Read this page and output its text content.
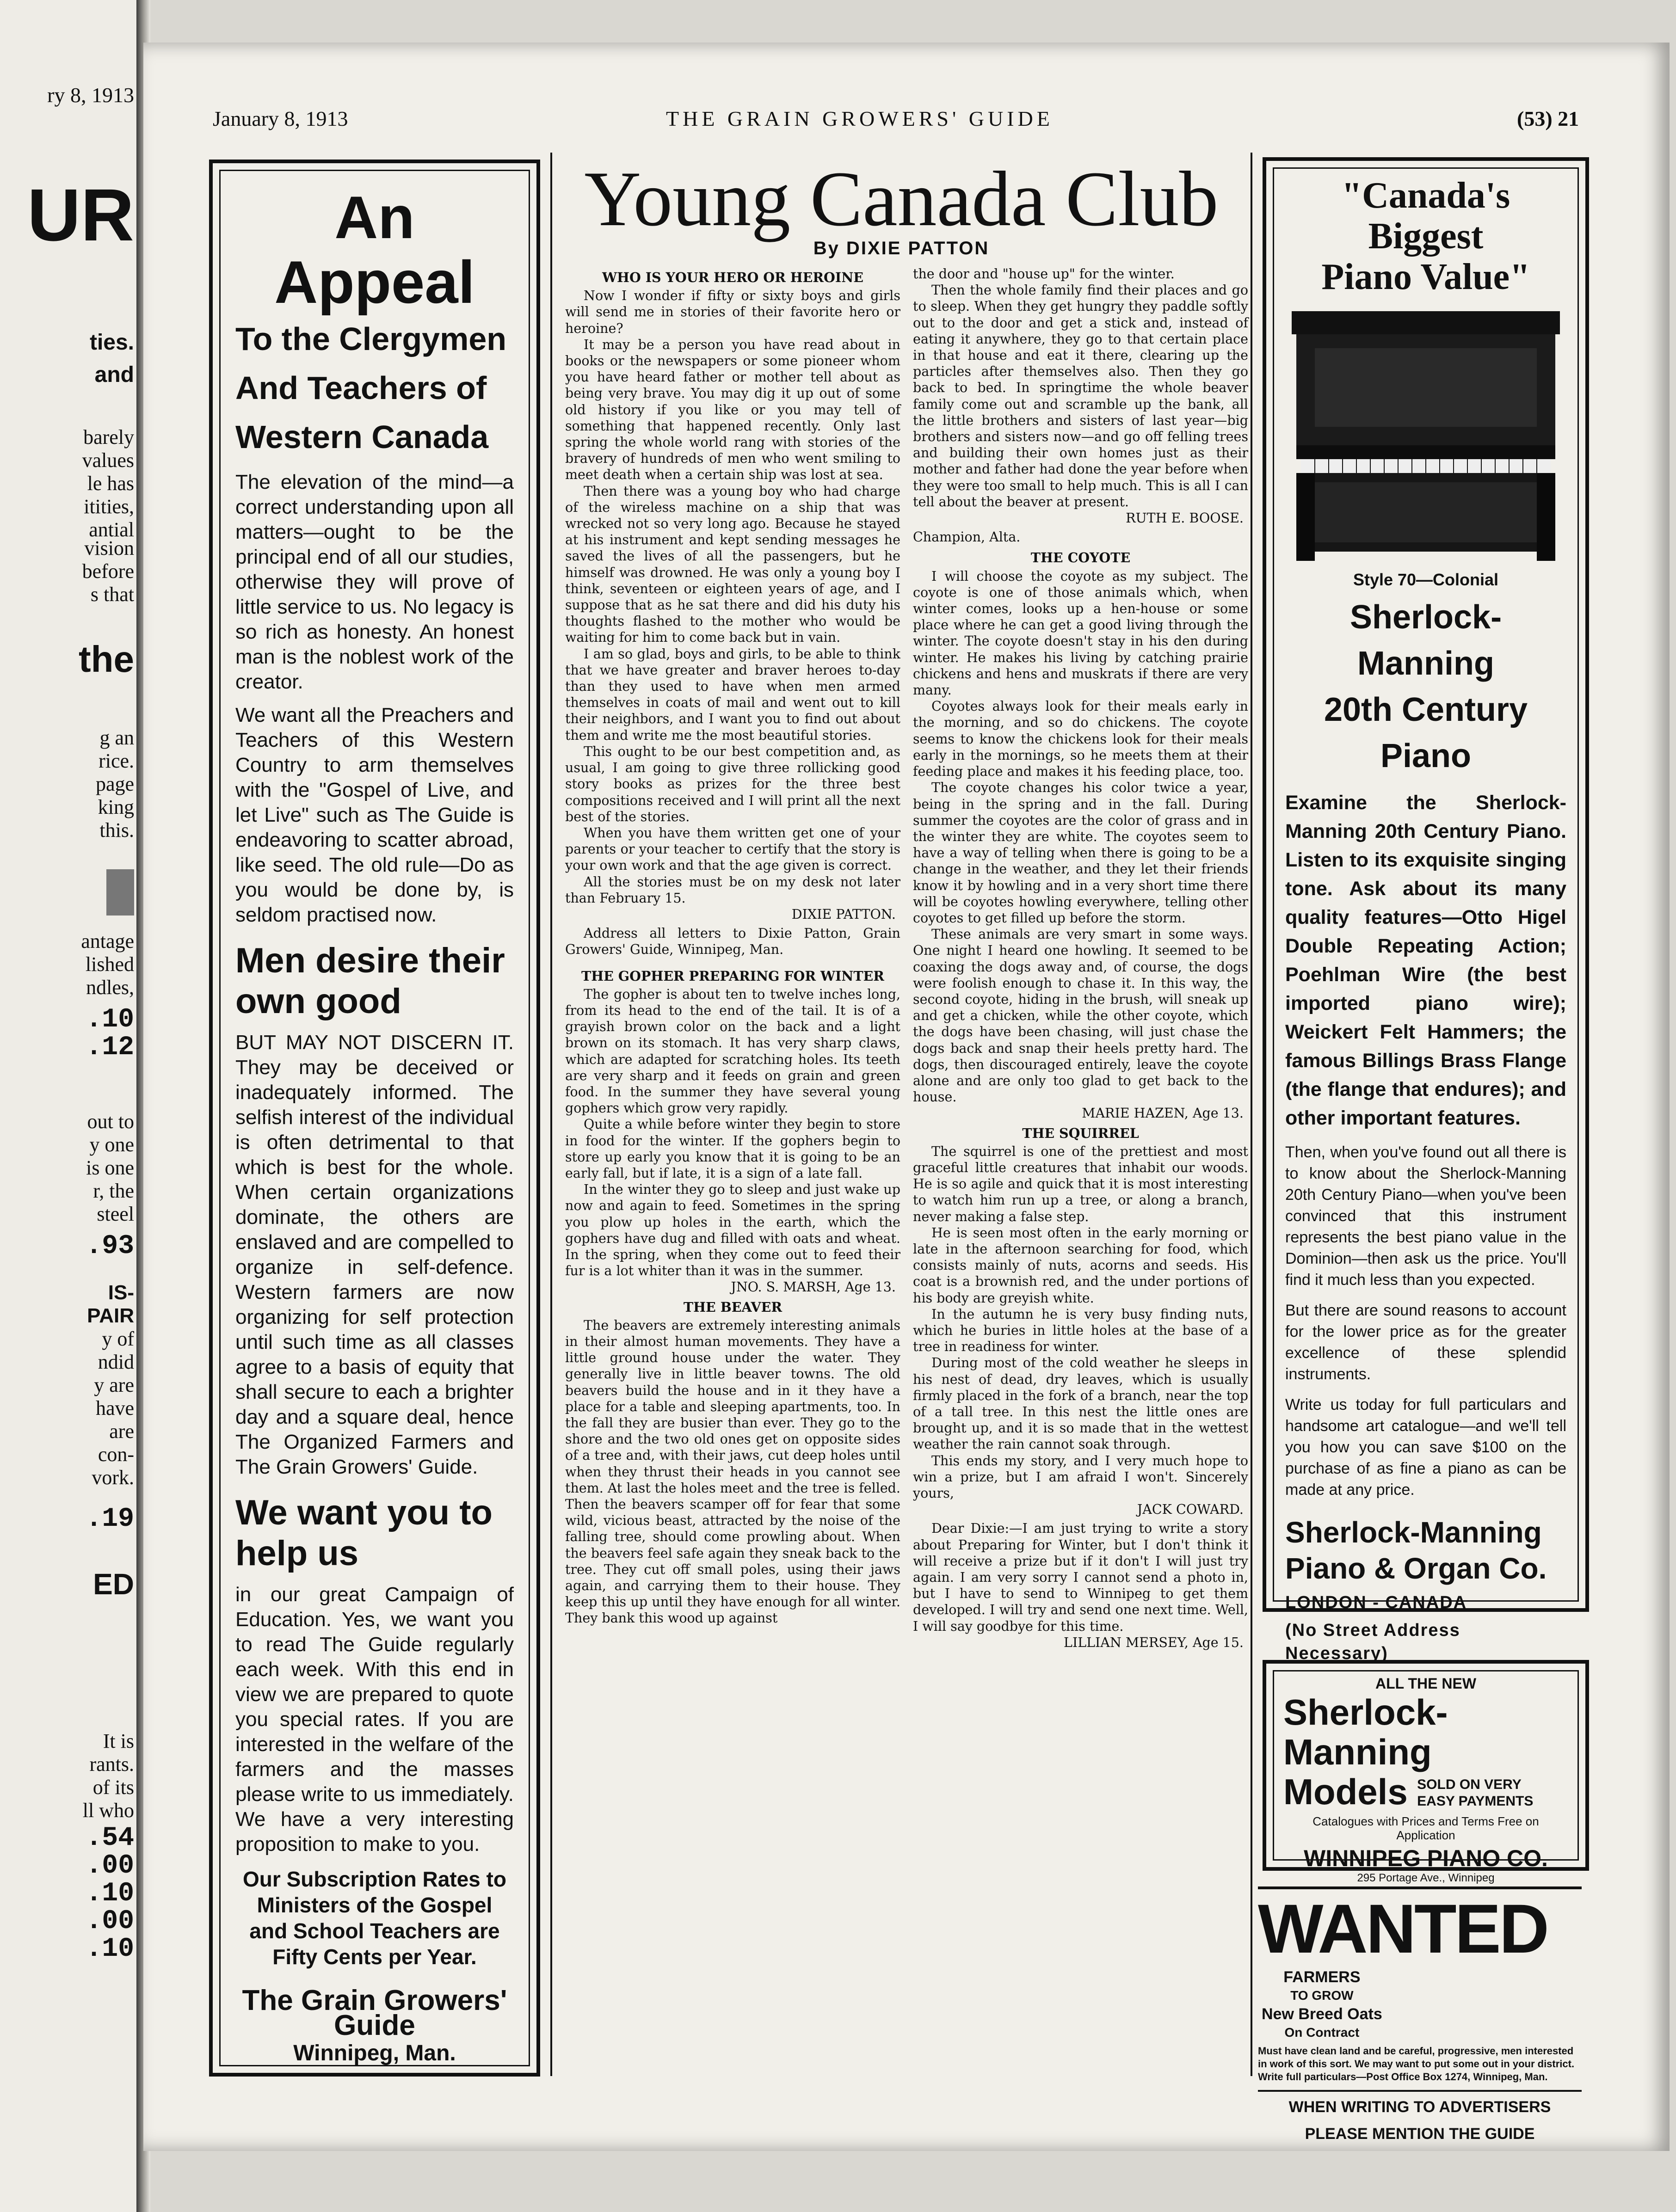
ry 8, 1913
UR
ties.
and
barely
values
le has
itities,
antial
vision
before
s that
the
g an
rice.
page
king
this.
antage
lished
ndles,
.10
.12
out to
y one
is one
r, the
steel
.93
IS-
PAIR
y of
ndid
y are
have
are
con-
vork.
.19
ED
It is
rants.
of its
ll who
.54
.00
.10
.00
.10
January 8, 1913	THE GRAIN GROWERS' GUIDE	(53) 21
An Appeal
To the Clergymen
And Teachers of
Western Canada
The elevation of the mind—a correct understanding upon all matters—ought to be the principal end of all our studies, otherwise they will prove of little service to us. No legacy is so rich as honesty. An honest man is the noblest work of the creator.
We want all the Preachers and Teachers of this Western Country to arm themselves with the "Gospel of Live, and let Live" such as The Guide is endeavoring to scatter abroad, like seed. The old rule—Do as you would be done by, is seldom practised now.
Men desire their own good
BUT MAY NOT DISCERN IT. They may be deceived or inadequately informed. The selfish interest of the individual is often detrimental to that which is best for the whole. When certain organizations dominate, the others are enslaved and are compelled to organize in self-defence. Western farmers are now organizing for self protection until such time as all classes agree to a basis of equity that shall secure to each a brighter day and a square deal, hence The Organized Farmers and The Grain Growers' Guide.
We want you to help us
in our great Campaign of Education. Yes, we want you to read The Guide regularly each week. With this end in view we are prepared to quote you special rates. If you are interested in the welfare of the farmers and the masses please write to us immediately. We have a very interesting proposition to make to you.
Our Subscription Rates to Ministers of the Gospel and School Teachers are Fifty Cents per Year.
The Grain Growers' Guide
Winnipeg, Man.
Young Canada Club
By DIXIE PATTON
WHO IS YOUR HERO OR HEROINE

Now I wonder if fifty or sixty boys and girls will send me in stories of their favorite hero or heroine?

It may be a person you have read about in books or the newspapers or some pioneer whom you have heard father or mother tell about as being very brave. You may dig it up out of some old history if you like or you may tell of something that happened recently. Only last spring the whole world rang with stories of the bravery of hundreds of men who went smiling to meet death when a certain ship was lost at sea.

Then there was a young boy who had charge of the wireless machine on a ship that was wrecked not so very long ago. Because he stayed at his instrument and kept sending messages he saved the lives of all the passengers, but he himself was drowned. He was only a young boy I think, seventeen or eighteen years of age, and I suppose that as he sat there and did his duty his thoughts flashed to the mother who would be waiting for him to come back but in vain.

I am so glad, boys and girls, to be able to think that we have greater and braver heroes to-day than they used to have when men armed themselves in coats of mail and went out to kill their neighbors, and I want you to find out about them and write me the most beautiful stories.

This ought to be our best competition and, as usual, I am going to give three rollicking good story books as prizes for the three best compositions received and I will print all the next best of the stories.

When you have them written get one of your parents or your teacher to certify that the story is your own work and that the age given is correct.

All the stories must be on my desk not later than February 15.

DIXIE PATTON.

Address all letters to Dixie Patton, Grain Growers' Guide, Winnipeg, Man.

THE GOPHER PREPARING FOR WINTER

The gopher is about ten to twelve inches long, from its head to the end of the tail. It is of a grayish brown color on the back and a light brown on its stomach. It has very sharp claws, which are adapted for scratching holes. Its teeth are very sharp and it feeds on grain and green food. In the summer they have several young gophers which grow very rapidly.

Quite a while before winter they begin to store in food for the winter. If the gophers begin to store up early you know that it is going to be an early fall, but if late, it is a sign of a late fall.

In the winter they go to sleep and just wake up now and again to feed. Sometimes in the spring you plow up holes in the earth, which the gophers have dug and filled with oats and wheat. In the spring, when they come out to feed their fur is a lot whiter than it was in the summer.

JNO. S. MARSH, Age 13.
THE BEAVER

The beavers are extremely interesting animals in their almost human movements. They have a little ground house under the water. They generally live in little beaver towns. The old beavers build the house and in it they have a place for a table and sleeping apartments, too. In the fall they are busier than ever. They go to the shore and the two old ones get on opposite sides of a tree and, with their jaws, cut deep holes until when they thrust their heads in you cannot see them. At last the holes meet and the tree is felled. Then the beavers scamper off for fear that some wild, vicious beast, attracted by the noise of the falling tree, should come prowling about. When the beavers feel safe again they sneak back to the tree. They cut off small poles, using their jaws again, and carrying them to their house. They keep this up until they have enough for all winter. They bank this wood up against

the door and "house up" for the winter.

Then the whole family find their places and go to sleep. When they get hungry they paddle softly out to the door and get a stick and, instead of eating it anywhere, they go to that certain place in that house and eat it there, clearing up the particles after themselves also. Then they go back to bed. In springtime the whole beaver family come out and scramble up the bank, all the little brothers and sisters of last year—big brothers and sisters now—and go off felling trees and building their own homes just as their mother and father had done the year before when they were too small to help much. This is all I can tell about the beaver at present.

RUTH E. BOOSE.
Champion, Alta.
THE COYOTE

I will choose the coyote as my subject. The coyote is one of those animals which, when winter comes, looks up a hen-house or some place where he can get a good living through the winter. The coyote doesn't stay in his den during winter. He makes his living by catching prairie chickens and hens and muskrats if there are very many.

Coyotes always look for their meals early in the morning, and so do chickens. The coyote seems to know the chickens look for their meals early in the mornings, so he meets them at their feeding place and makes it his feeding place, too.

The coyote changes his color twice a year, being in the spring and in the fall. During summer the coyotes are the color of grass and in the winter they are white. The coyotes seem to have a way of telling when there is going to be a change in the weather, and they let their friends know it by howling and in a very short time there will be coyotes howling everywhere, telling other coyotes to get filled up before the storm.

These animals are very smart in some ways. One night I heard one howling. It seemed to be coaxing the dogs away and, of course, the dogs were foolish enough to chase it. In this way, the second coyote, hiding in the brush, will sneak up and get a chicken, while the other coyote, which the dogs have been chasing, will just chase the dogs back and snap their heels pretty hard. The dogs, then discouraged entirely, leave the coyote alone and are only too glad to get back to the house.

MARIE HAZEN, Age 13.
THE SQUIRREL

The squirrel is one of the prettiest and most graceful little creatures that inhabit our woods. He is so agile and quick that it is most interesting to watch him run up a tree, or along a branch, never making a false step.

He is seen most often in the early morning or late in the afternoon searching for food, which consists mainly of nuts, acorns and seeds. His coat is a brownish red, and the under portions of his body are greyish white.

In the autumn he is very busy finding nuts, which he buries in little holes at the base of a tree in readiness for winter.

During most of the cold weather he sleeps in his nest of dead, dry leaves, which is usually firmly placed in the fork of a branch, near the top of a tall tree. In this nest the little ones are brought up, and it is so made that in the wettest weather the rain cannot soak through.

This ends my story, and I very much hope to win a prize, but I am afraid I won't. Sincerely yours,

JACK COWARD.

Dear Dixie:—I am just trying to write a story about Preparing for Winter, but I don't think it will receive a prize but if it don't I will just try again. I am very sorry I cannot send a photo in, but I have to send to Winnipeg to get them developed. I will try and send one next time. Well, I will say goodbye for this time.

LILLIAN MERSEY, Age 15.
"Canada's Biggest
Piano Value"
Style 70—Colonial
Sherlock-Manning
20th Century
Piano
Examine the Sherlock-Manning 20th Century Piano. Listen to its exquisite singing tone. Ask about its many quality features—Otto Higel Double Repeating Action; Poehlman Wire (the best imported piano wire); Weickert Felt Hammers; the famous Billings Brass Flange (the flange that endures); and other important features.
Then, when you've found out all there is to know about the Sherlock-Manning 20th Century Piano—when you've been convinced that this instrument represents the best piano value in the Dominion—then ask us the price. You'll find it much less than you expected.
But there are sound reasons to account for the lower price as for the greater excellence of these splendid instruments.
Write us today for full particulars and handsome art catalogue—and we'll tell you how you can save $100 on the purchase of as fine a piano as can be made at any price.
Sherlock-Manning Piano & Organ Co.
LONDON - CANADA
(No Street Address Necessary)
ALL THE NEW
Sherlock-Manning
Models SOLD ON VERY
EASY PAYMENTS
Catalogues with Prices and Terms Free on Application
WINNIPEG PIANO CO.
295 Portage Ave., Winnipeg
WANTED
FARMERS
TO GROW
New Breed Oats
On Contract
Must have clean land and be careful, progressive, men interested in work of this sort. We may want to put some out in your district. Write full particulars—Post Office Box 1274, Winnipeg, Man.
WHEN WRITING TO ADVERTISERS
PLEASE MENTION THE GUIDE
